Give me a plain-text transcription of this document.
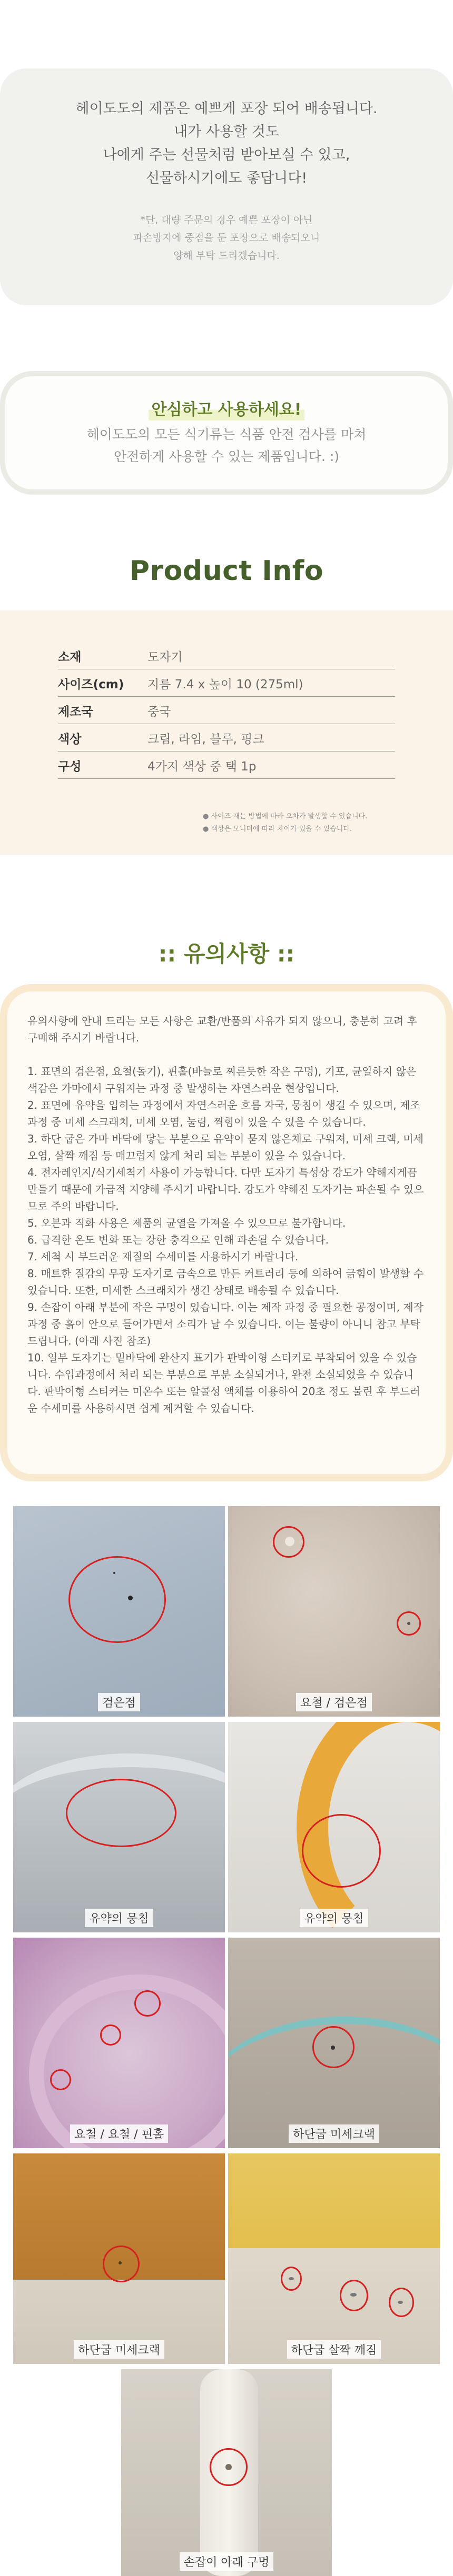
헤이도도의 제품은 예쁘게 포장 되어 배송됩니다.
내가 사용할 것도
나에게 주는 선물처럼 받아보실 수 있고,
선물하시기에도 좋답니다!
*단, 대량 주문의 경우 예쁜 포장이 아닌
파손방지에 중점을 둔 포장으로 배송되오니
양해 부탁 드리겠습니다.
안심하고 사용하세요!
헤이도도의 모든 식기류는 식품 안전 검사를 마쳐
안전하게 사용할 수 있는 제품입니다. :)
Product Info
소재	도자기
사이즈(cm)	지름 7.4 x 높이 10 (275ml)
제조국	중국
색상	크림, 라임, 블루, 핑크
구성	4가지 색상 중 택 1p
● 사이즈 재는 방법에 따라 오차가 발생할 수 있습니다.
● 색상은 모니터에 따라 차이가 있을 수 있습니다.
:: 유의사항 ::

유의사항에 안내 드리는 모든 사항은 교환/반품의 사유가 되지 않으니, 충분히 고려 후 구매해 주시기 바랍니다.

1. 표면의 검은점, 요철(돌기), 핀홀(바늘로 찌른듯한 작은 구멍), 기포, 균일하지 않은 색감은 가마에서 구워지는 과정 중 발생하는 자연스러운 현상입니다.

2. 표면에 유약을 입히는 과정에서 자연스러운 흐름 자국, 뭉침이 생길 수 있으며, 제조 과정 중 미세 스크래치, 미세 오염, 눌림, 찍힘이 있을 수 있을 수 있습니다.

3. 하단 굽은 가마 바닥에 닿는 부분으로 유약이 묻지 않은채로 구워져, 미세 크랙, 미세 오염, 살짝 깨짐 등 매끄럽지 않게 처리 되는 부분이 있을 수 있습니다.

4. 전자레인지/식기세척기 사용이 가능합니다. 다만 도자기 특성상 강도가 약해지게끔 만들기 때문에 가급적 지양해 주시기 바랍니다. 강도가 약해진 도자기는 파손될 수 있으므로 주의 바랍니다.

5. 오븐과 직화 사용은 제품의 균열을 가져올 수 있으므로 불가합니다.

6. 급격한 온도 변화 또는 강한 충격으로 인해 파손될 수 있습니다.

7. 세척 시 부드러운 재질의 수세미를 사용하시기 바랍니다.

8. 매트한 질감의 무광 도자기로 금속으로 만든 커트러리 등에 의하여 긁힘이 발생할 수 있습니다. 또한, 미세한 스크래치가 생긴 상태로 배송될 수 있습니다.

9. 손잡이 아래 부분에 작은 구멍이 있습니다. 이는 제작 과정 중 필요한 공정이며, 제작 과정 중 흙이 안으로 들어가면서 소리가 날 수 있습니다. 이는 불량이 아니니 참고 부탁드립니다. (아래 사진 참조)

10. 일부 도자기는 밑바닥에 완산지 표기가 판박이형 스티커로 부착되어 있을 수 있습니다. 수입과정에서 처리 되는 부분으로 부분 소실되거나, 완전 소실되었을 수 있습니다. 판박이형 스티커는 미온수 또는 알콜성 액체를 이용하여 20초 정도 불린 후 부드러운 수세미를 사용하시면 쉽게 제거할 수 있습니다.

검은점	요철 / 검은점
유약의 뭉침	유약의 뭉침
요철 / 요철 / 핀홀	하단굽 미세크랙
하단굽 미세크랙	하단굽 살짝 깨짐
손잡이 아래 구멍
